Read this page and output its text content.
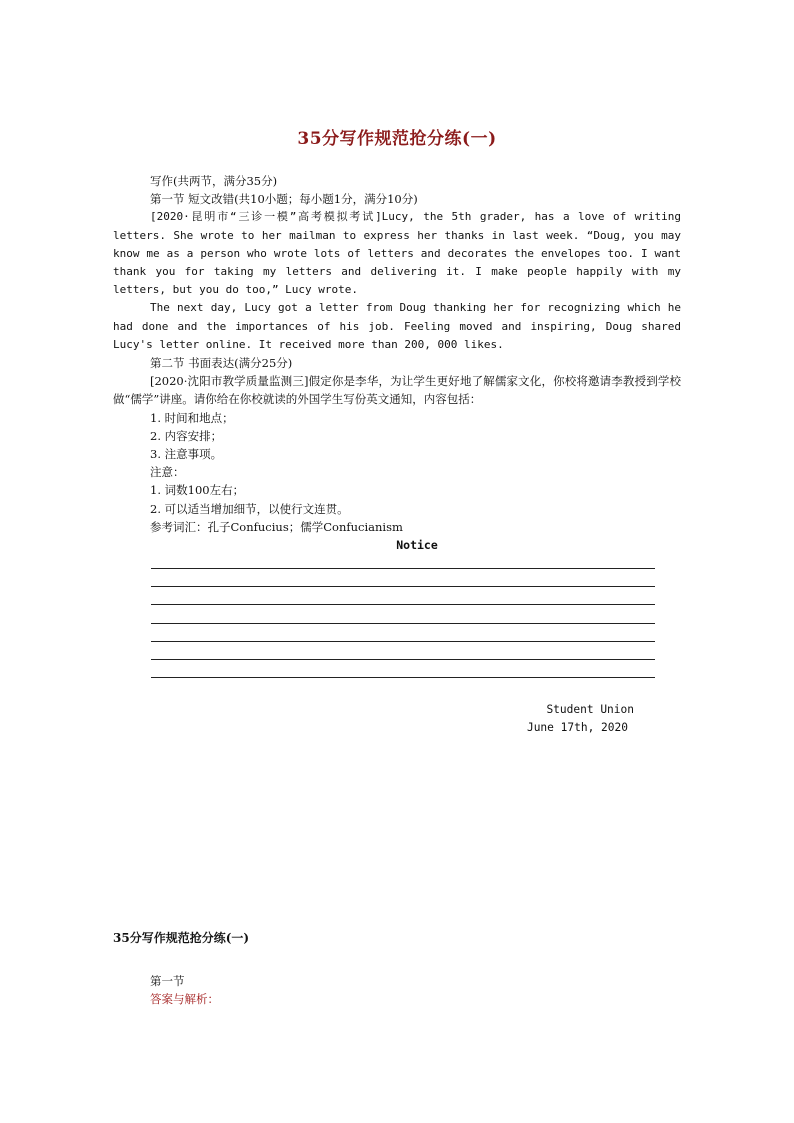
35分写作规范抢分练(一)
写作(共两节，满分35分)
第一节 短文改错(共10小题；每小题1分，满分10分)

[2020·昆明市“三诊一模”高考模拟考试]Lucy, the 5th grader, has a love of writing letters. She wrote to her mailman to express her thanks in last week. “Doug, you may know me as a person who wrote lots of letters and decorates the envelopes too. I want thank you for taking my letters and delivering it. I make people happily with my letters, but you do too,” Lucy wrote.

The next day, Lucy got a letter from Doug thanking her for recognizing which he had done and the importances of his job. Feeling moved and inspiring, Doug shared Lucy's letter online. It received more than 200, 000 likes.

第二节 书面表达(满分25分)

[2020·沈阳市教学质量监测三]假定你是李华，为让学生更好地了解儒家文化，你校将邀请李教授到学校做“儒学”讲座。请你给在你校就读的外国学生写份英文通知，内容包括：

1. 时间和地点；
2. 内容安排；
3. 注意事项。
注意：
1. 词数100左右；
2. 可以适当增加细节，以使行文连贯。
参考词汇：孔子Confucius；儒学Confucianism
Notice
Student Union
June 17th, 2020
35分写作规范抢分练(一)
第一节
答案与解析：
